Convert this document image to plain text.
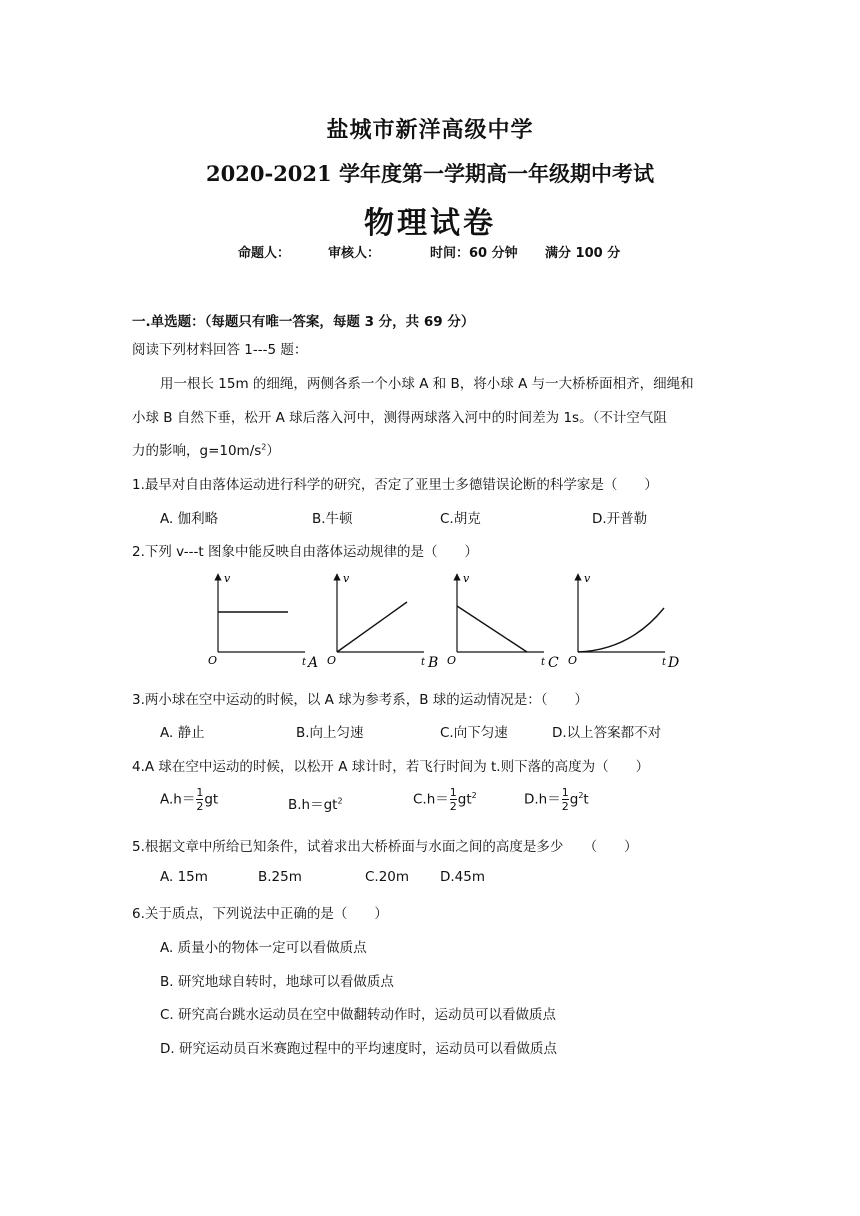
盐城市新洋高级中学
2020-2021 学年度第一学期高一年级期中考试
物理试卷
命题人：	审核人：	时间：60 分钟 满分 100 分
一.单选题：（每题只有唯一答案，每题 3 分，共 69 分）
阅读下列材料回答 1---5 题：
用一根长 15m 的细绳，两侧各系一个小球 A 和 B，将小球 A 与一大桥桥面相齐，细绳和
小球 B 自然下垂，松开 A 球后落入河中，测得两球落入河中的时间差为 1s。（不计空气阻
力的影响，$g=10m/s^2$）
1.最早对自由落体运动进行科学的研究，否定了亚里士多德错误论断的科学家是（　　）
A. 伽利略	B.牛顿	C.胡克	D.开普勒
2.下列 v---t 图象中能反映自由落体运动规律的是（　　）
v
O	t A
v
O	t B
v
O	t C
v
O	t D
3.两小球在空中运动的时候，以 A 球为参考系，B 球的运动情况是：（　　）
A. 静止	B.向上匀速	C.向下匀速	D.以上答案都不对
4.A 球在空中运动的时候，以松开 A 球计时，若飞行时间为 t.则下落的高度为（　　）
$A.h= \frac{1}{2}$ gt	$B.h=gt^2$	$C.h= \frac{1}{2} gt^2$	$D.h= \frac{1}{2} g^2t$
5.根据文章中所给已知条件，试着求出大桥桥面与水面之间的高度是多少　　（　　）
A. 15m	B.25m	C.20m D.45m
6.关于质点，下列说法中正确的是（　　）
A. 质量小的物体一定可以看做质点
B. 研究地球自转时，地球可以看做质点
C. 研究高台跳水运动员在空中做翻转动作时，运动员可以看做质点
D. 研究运动员百米赛跑过程中的平均速度时，运动员可以看做质点
